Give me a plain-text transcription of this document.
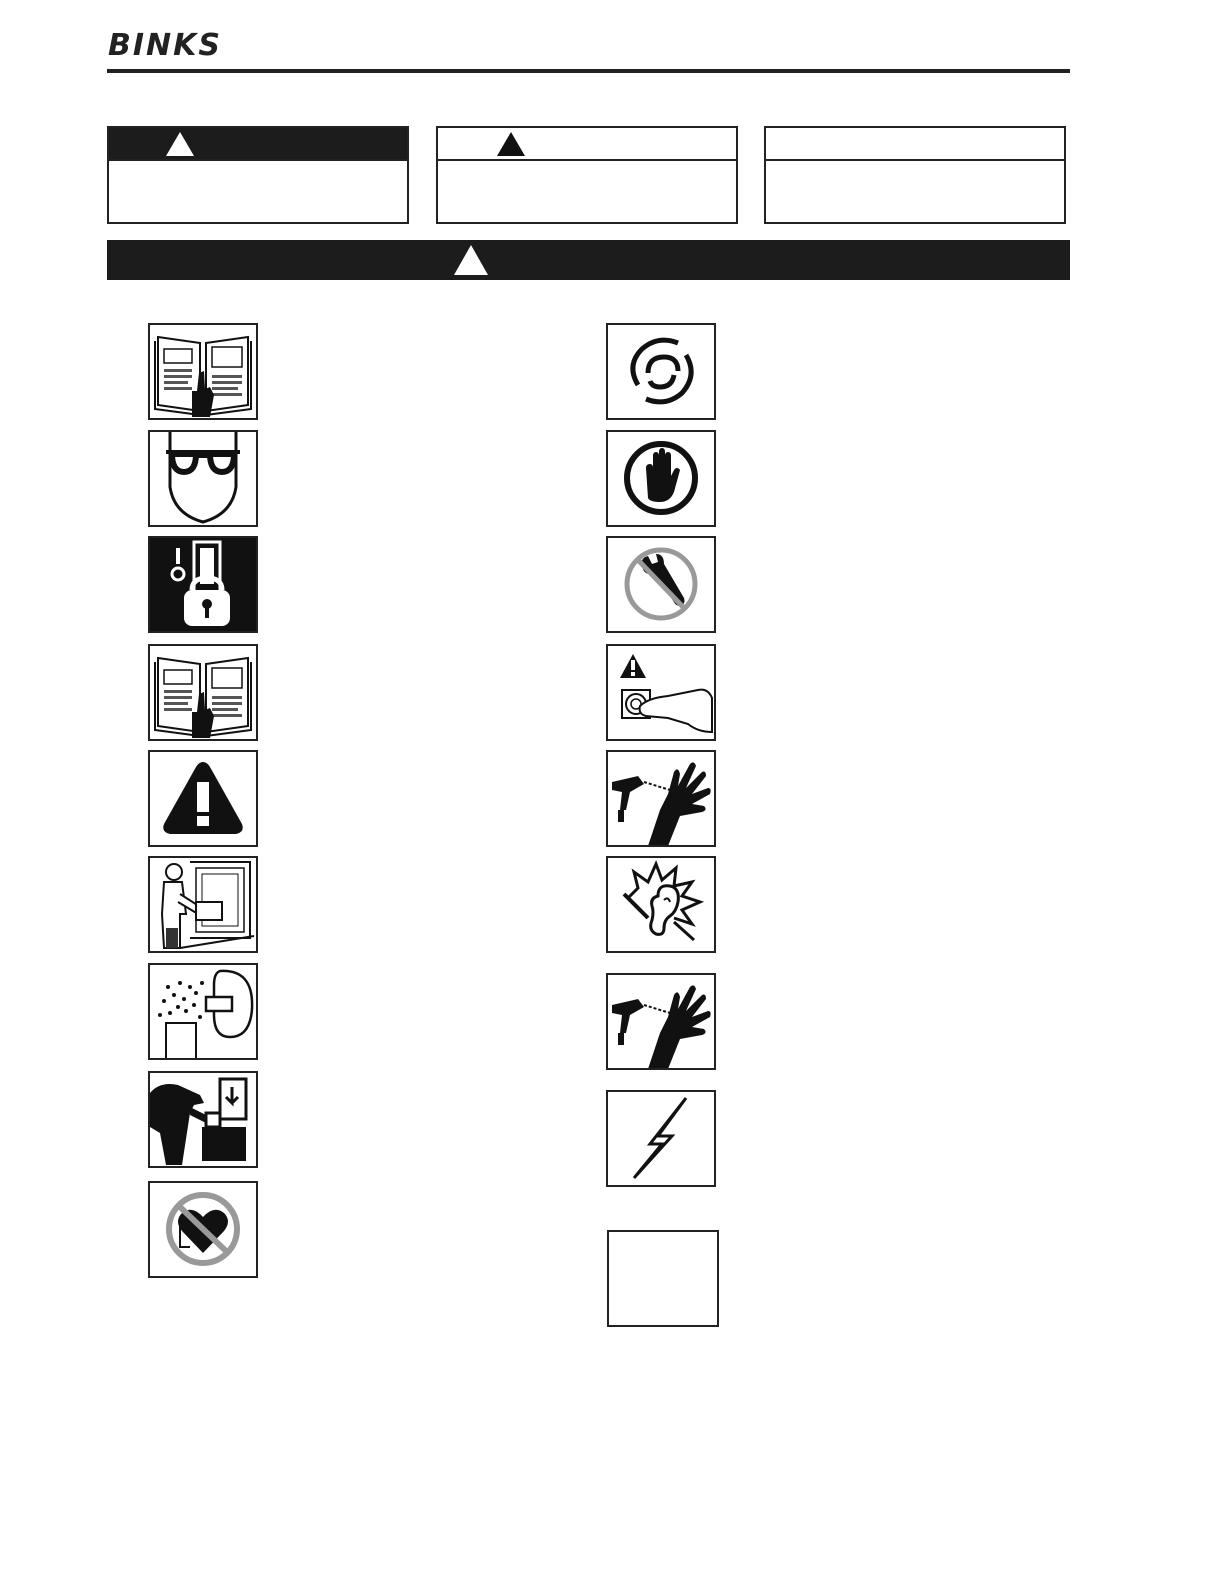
BINKS
